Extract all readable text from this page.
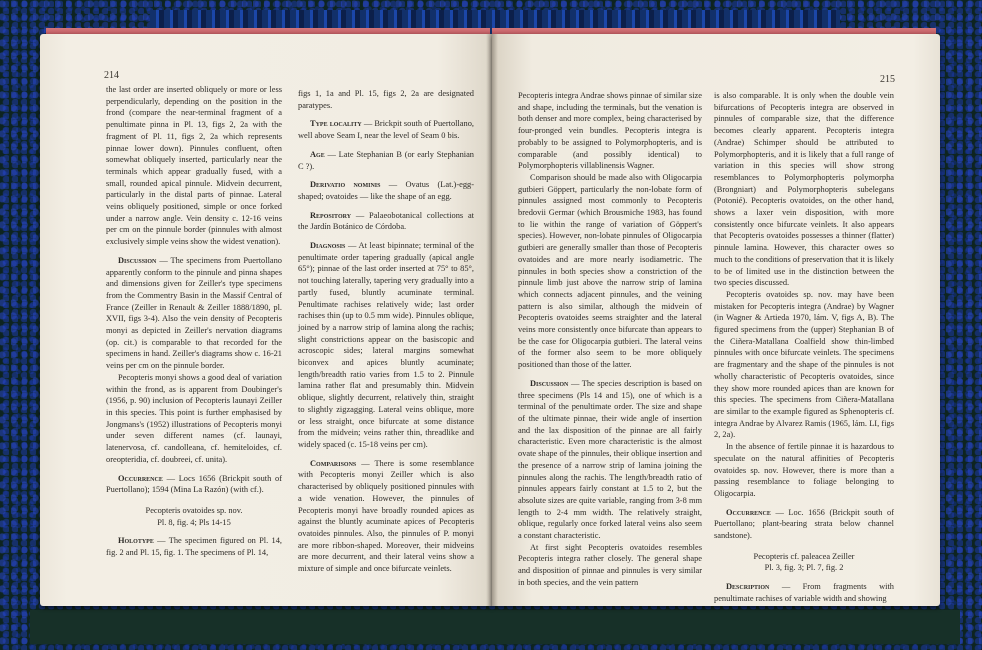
214

the last order are inserted obliquely or more or less perpendicularly, depending on the position in the frond (compare the near-terminal fragment of a penultimate pinna in Pl. 13, figs 2, 2a with the fragment of Pl. 11, figs 2, 2a which represents pinnae lower down). Pinnules confluent, often somewhat obliquely inserted, particularly near the terminals which appear gradually fused, with a small, rounded apical pinnule. Midvein decurrent, particularly in the distal parts of pinnae. Lateral veins obliquely positioned, simple or once forked under a narrow angle. Vein density c. 12-16 veins per cm on the pinnule border (pinnules with almost exclusively simple veins show the widest venation).

Discussion — The specimens from Puertollano apparently conform to the pinnule and pinna shapes and dimensions given for Zeiller's type specimens from the Commentry Basin in the Massif Central of France (Zeiller in Renault & Zeiller 1888/1890, pl. XVII, figs 3-4). Also the vein density of Pecopteris monyi as depicted in Zeiller's nervation diagrams (op. cit.) is comparable to that recorded for the specimens in hand. Zeiller's diagrams show c. 16-21 veins per cm on the pinnule border.

Pecopteris monyi shows a good deal of variation within the frond, as is apparent from Doubinger's (1956, p. 90) inclusion of Pecopteris launayi Zeiller in this species. This point is further emphasised by Jongmans's (1952) illustrations of Pecopteris monyi under seven different names (cf. launayi, latenervosa, cf. candolleana, cf. hemiteloides, cf. oreopteridia, cf. doubreei, cf. unita).

Occurrence — Locs 1656 (Brickpit south of Puertollano); 1594 (Mina La Razón) (with cf.).

Pecopteris ovatoides sp. nov.

Pl. 8, fig. 4; Pls 14-15

Holotype — The specimen figured on Pl. 14, fig. 2 and Pl. 15, fig. 1. The specimens of Pl. 14,

figs 1, 1a and Pl. 15, figs 2, 2a are designated paratypes.

Type locality — Brickpit south of Puertollano, well above Seam I, near the level of Seam 0 bis.

Age — Late Stephanian B (or early Stephanian C ?).

Derivatio nominis — Ovatus (Lat.)-egg-shaped; ovatoides — like the shape of an egg.

Repository — Palaeobotanical collections at the Jardín Botánico de Córdoba.

Diagnosis — At least bipinnate; terminal of the penultimate order tapering gradually (apical angle 65°); pinnae of the last order inserted at 75° to 85°, not touching laterally, tapering very gradually into a partly fused, bluntly acuminate terminal. Penultimate rachises relatively wide; last order rachises thin (up to 0.5 mm wide). Pinnules oblique, joined by a narrow strip of lamina along the rachis; slight constrictions appear on the basiscopic and acroscopic sides; lateral margins somewhat biconvex and apices bluntly acuminate; length/breadth ratio varies from 1.5 to 2. Pinnule lamina rather flat and presumably thin. Midvein oblique, slightly decurrent, relatively thin, straight to slightly zigzagging. Lateral veins oblique, more or less straight, once bifurcate at some distance from the midvein; veins rather thin, threadlike and widely spaced (c. 15-18 veins per cm).

Comparisons — There is some resemblance with Pecopteris monyi Zeiller which is also characterised by obliquely positioned pinnules with a wide venation. However, the pinnules of Pecopteris monyi have broadly rounded apices as against the bluntly acuminate apices of Pecopteris ovatoides pinnules. Also, the pinnules of P. monyi are more ribbon-shaped. Moreover, their midveins are more decurrent, and their lateral veins show a mixture of simple and once bifurcate veinlets.

215

Pecopteris integra Andrae shows pinnae of similar size and shape, including the terminals, but the venation is both denser and more complex, being characterised by four-pronged vein bundles. Pecopteris integra is probably to be assigned to Polymorphopteris, and is comparable (and possibly identical) to Polymorphopteris villablinensis Wagner.

Comparison should be made also with Oligocarpia gutbieri Göppert, particularly the non-lobate form of pinnules assigned most commonly to Pecopteris bredovii Germar (which Brousmiche 1983, has found to lie within the range of variation of Göppert's species). However, non-lobate pinnules of Oligocarpia gutbieri are generally smaller than those of Pecopteris ovatoides and are more nearly isodiametric. The pinnules in both species show a constriction of the pinnule limb just above the narrow strip of lamina which connects adjacent pinnules, and the veining pattern is also similar, although the midvein of Pecopteris ovatoides seems straighter and the lateral veins more consistently once bifurcate than appears to be the case for Oligocarpia gutbieri. The lateral veins of the former also seem to be more obliquely positioned than those of the latter.

Discussion — The species description is based on three specimens (Pls 14 and 15), one of which is a terminal of the penultimate order. The size and shape of the ultimate pinnae, their wide angle of insertion and the lax disposition of the pinnae are all fairly characteristic. Even more characteristic is the almost ovate shape of the pinnules, their oblique insertion and the presence of a narrow strip of lamina joining the pinnules along the rachis. The length/breadth ratio of pinnules appears fairly constant at 1.5 to 2, but the absolute sizes are quite variable, ranging from 3-8 mm length to 2-4 mm width. The relatively straight, oblique, regularly once forked lateral veins also seem a constant characteristic.

At first sight Pecopteris ovatoides resembles Pecopteris integra rather closely. The general shape and disposition of pinnae and pinnules is very similar in both species, and the vein pattern

is also comparable. It is only when the double vein bifurcations of Pecopteris integra are observed in pinnules of comparable size, that the difference becomes clearly apparent. Pecopteris integra (Andrae) Schimper should be attributed to Polymorphopteris, and it is likely that a full range of variation in this species will show strong resemblances to Polymorphopteris polymorpha (Brongniart) and Polymorphopteris subelegans (Potonié). Pecopteris ovatoides, on the other hand, shows a laxer vein disposition, with more consistently once bifurcate veinlets. It also appears that Pecopteris ovatoides possesses a thinner (flatter) pinnule lamina. However, this character owes so much to the conditions of preservation that it is likely to be of limited use in the distinction between the two species discussed.

Pecopteris ovatoides sp. nov. may have been mistaken for Pecopteris integra (Andrae) by Wagner (in Wagner & Artieda 1970, lám. V, figs A, B). The figured specimens from the (upper) Stephanian B of the Ciñera-Matallana Coalfield show thin-limbed pinnules with once bifurcate veinlets. The specimens are fragmentary and the shape of the pinnules is not wholly characteristic of Pecopteris ovatoides, since they show more rounded apices than are known for this species. The specimens from Ciñera-Matallana are similar to the example figured as Sphenopteris cf. integra Andrae by Alvarez Ramis (1965, lám. LI, figs 2, 2a).

In the absence of fertile pinnae it is hazardous to speculate on the natural affinities of Pecopteris ovatoides sp. nov. However, there is more than a passing resemblance to foliage belonging to Oligocarpia.

Occurrence — Loc. 1656 (Brickpit south of Puertollano; plant-bearing strata below channel sandstone).

Pecopteris cf. paleacea Zeiller

Pl. 3, fig. 3; Pl. 7, fig. 2

Description — From fragments with penultimate rachises of variable width and showing
